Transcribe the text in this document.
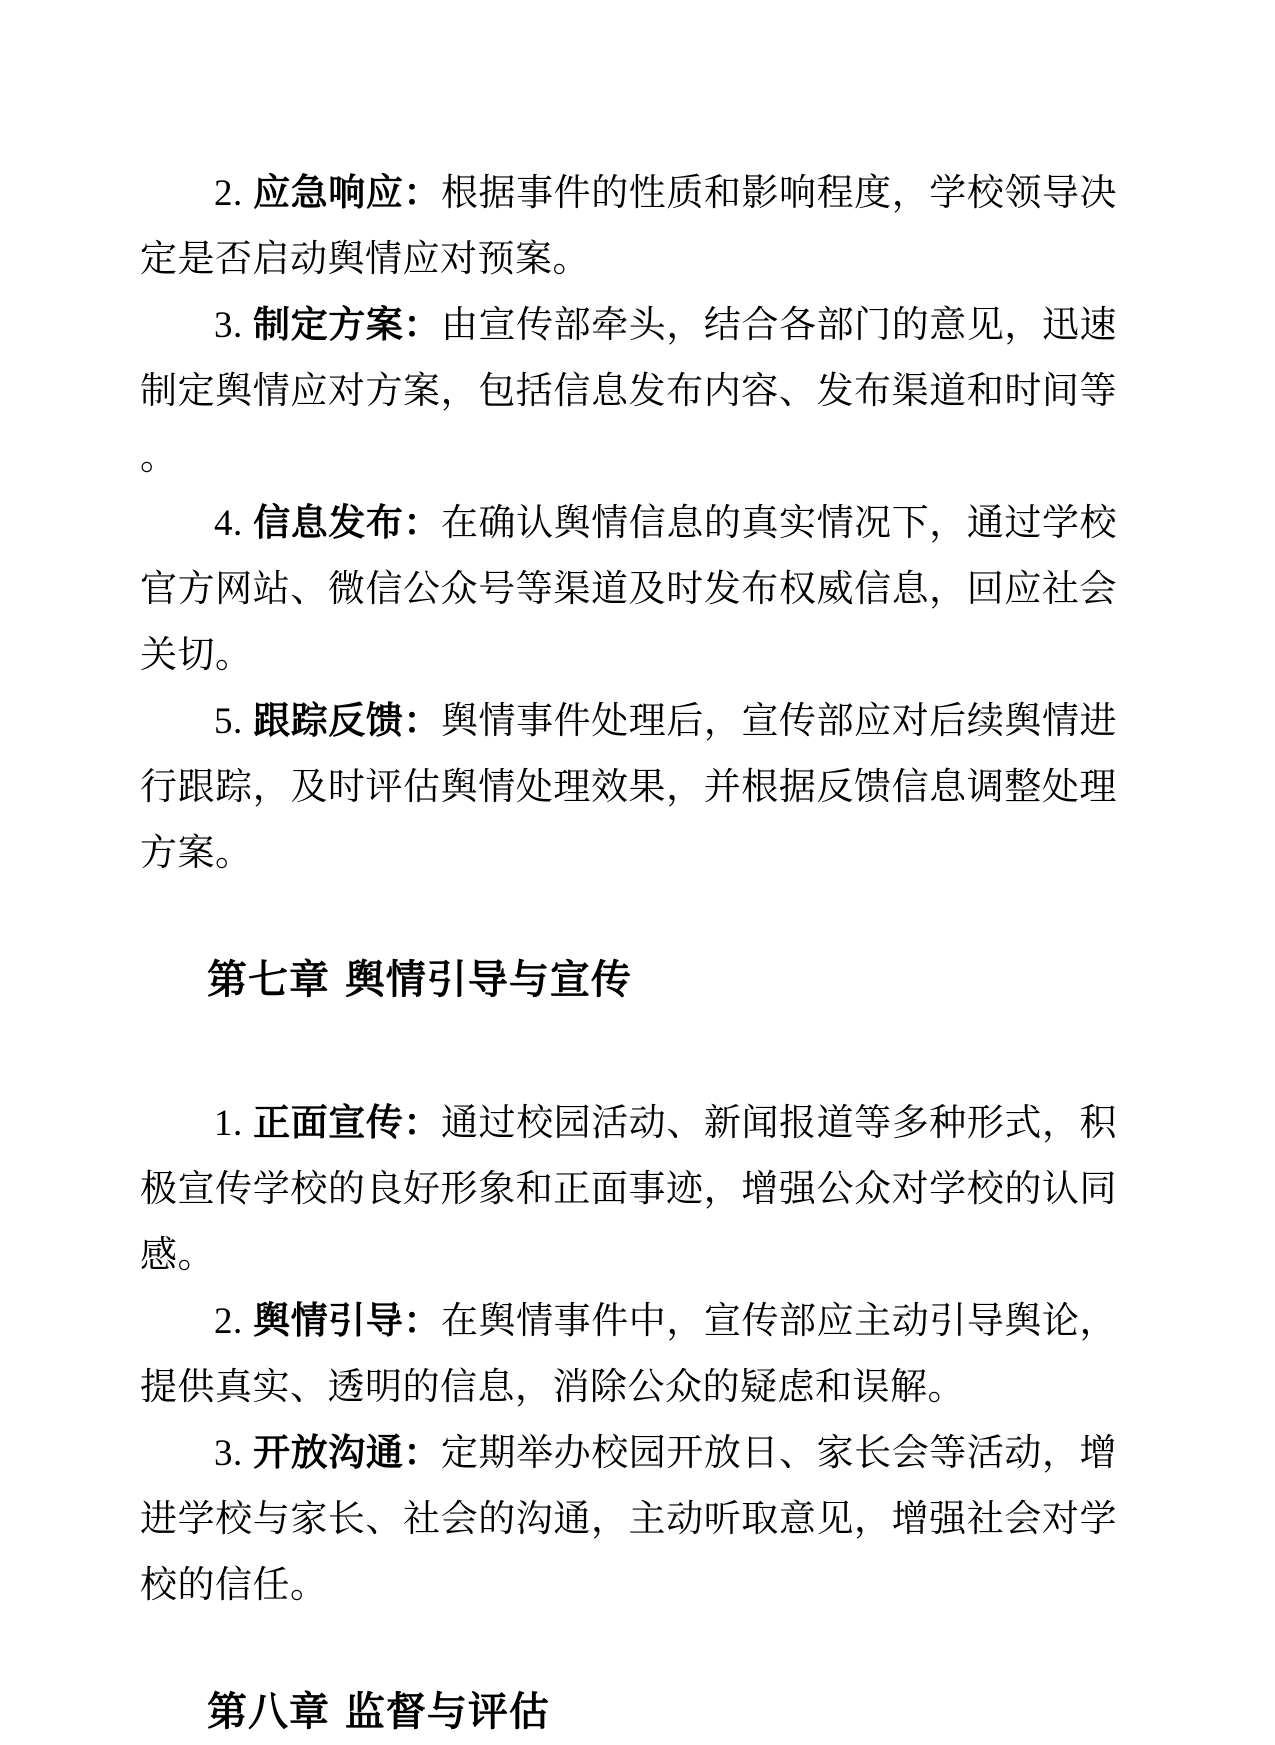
2. 应急响应：根据事件的性质和影响程度，学校领导决定是否启动舆情应对预案。

3. 制定方案：由宣传部牵头，结合各部门的意见，迅速制定舆情应对方案，包括信息发布内容、发布渠道和时间等。

4. 信息发布：在确认舆情信息的真实情况下，通过学校官方网站、微信公众号等渠道及时发布权威信息，回应社会关切。

5. 跟踪反馈：舆情事件处理后，宣传部应对后续舆情进行跟踪，及时评估舆情处理效果，并根据反馈信息调整处理方案。

第七章 舆情引导与宣传

1. 正面宣传：通过校园活动、新闻报道等多种形式，积极宣传学校的良好形象和正面事迹，增强公众对学校的认同感。

2. 舆情引导：在舆情事件中，宣传部应主动引导舆论，提供真实、透明的信息，消除公众的疑虑和误解。

3. 开放沟通：定期举办校园开放日、家长会等活动，增进学校与家长、社会的沟通，主动听取意见，增强社会对学校的信任。

第八章 监督与评估
